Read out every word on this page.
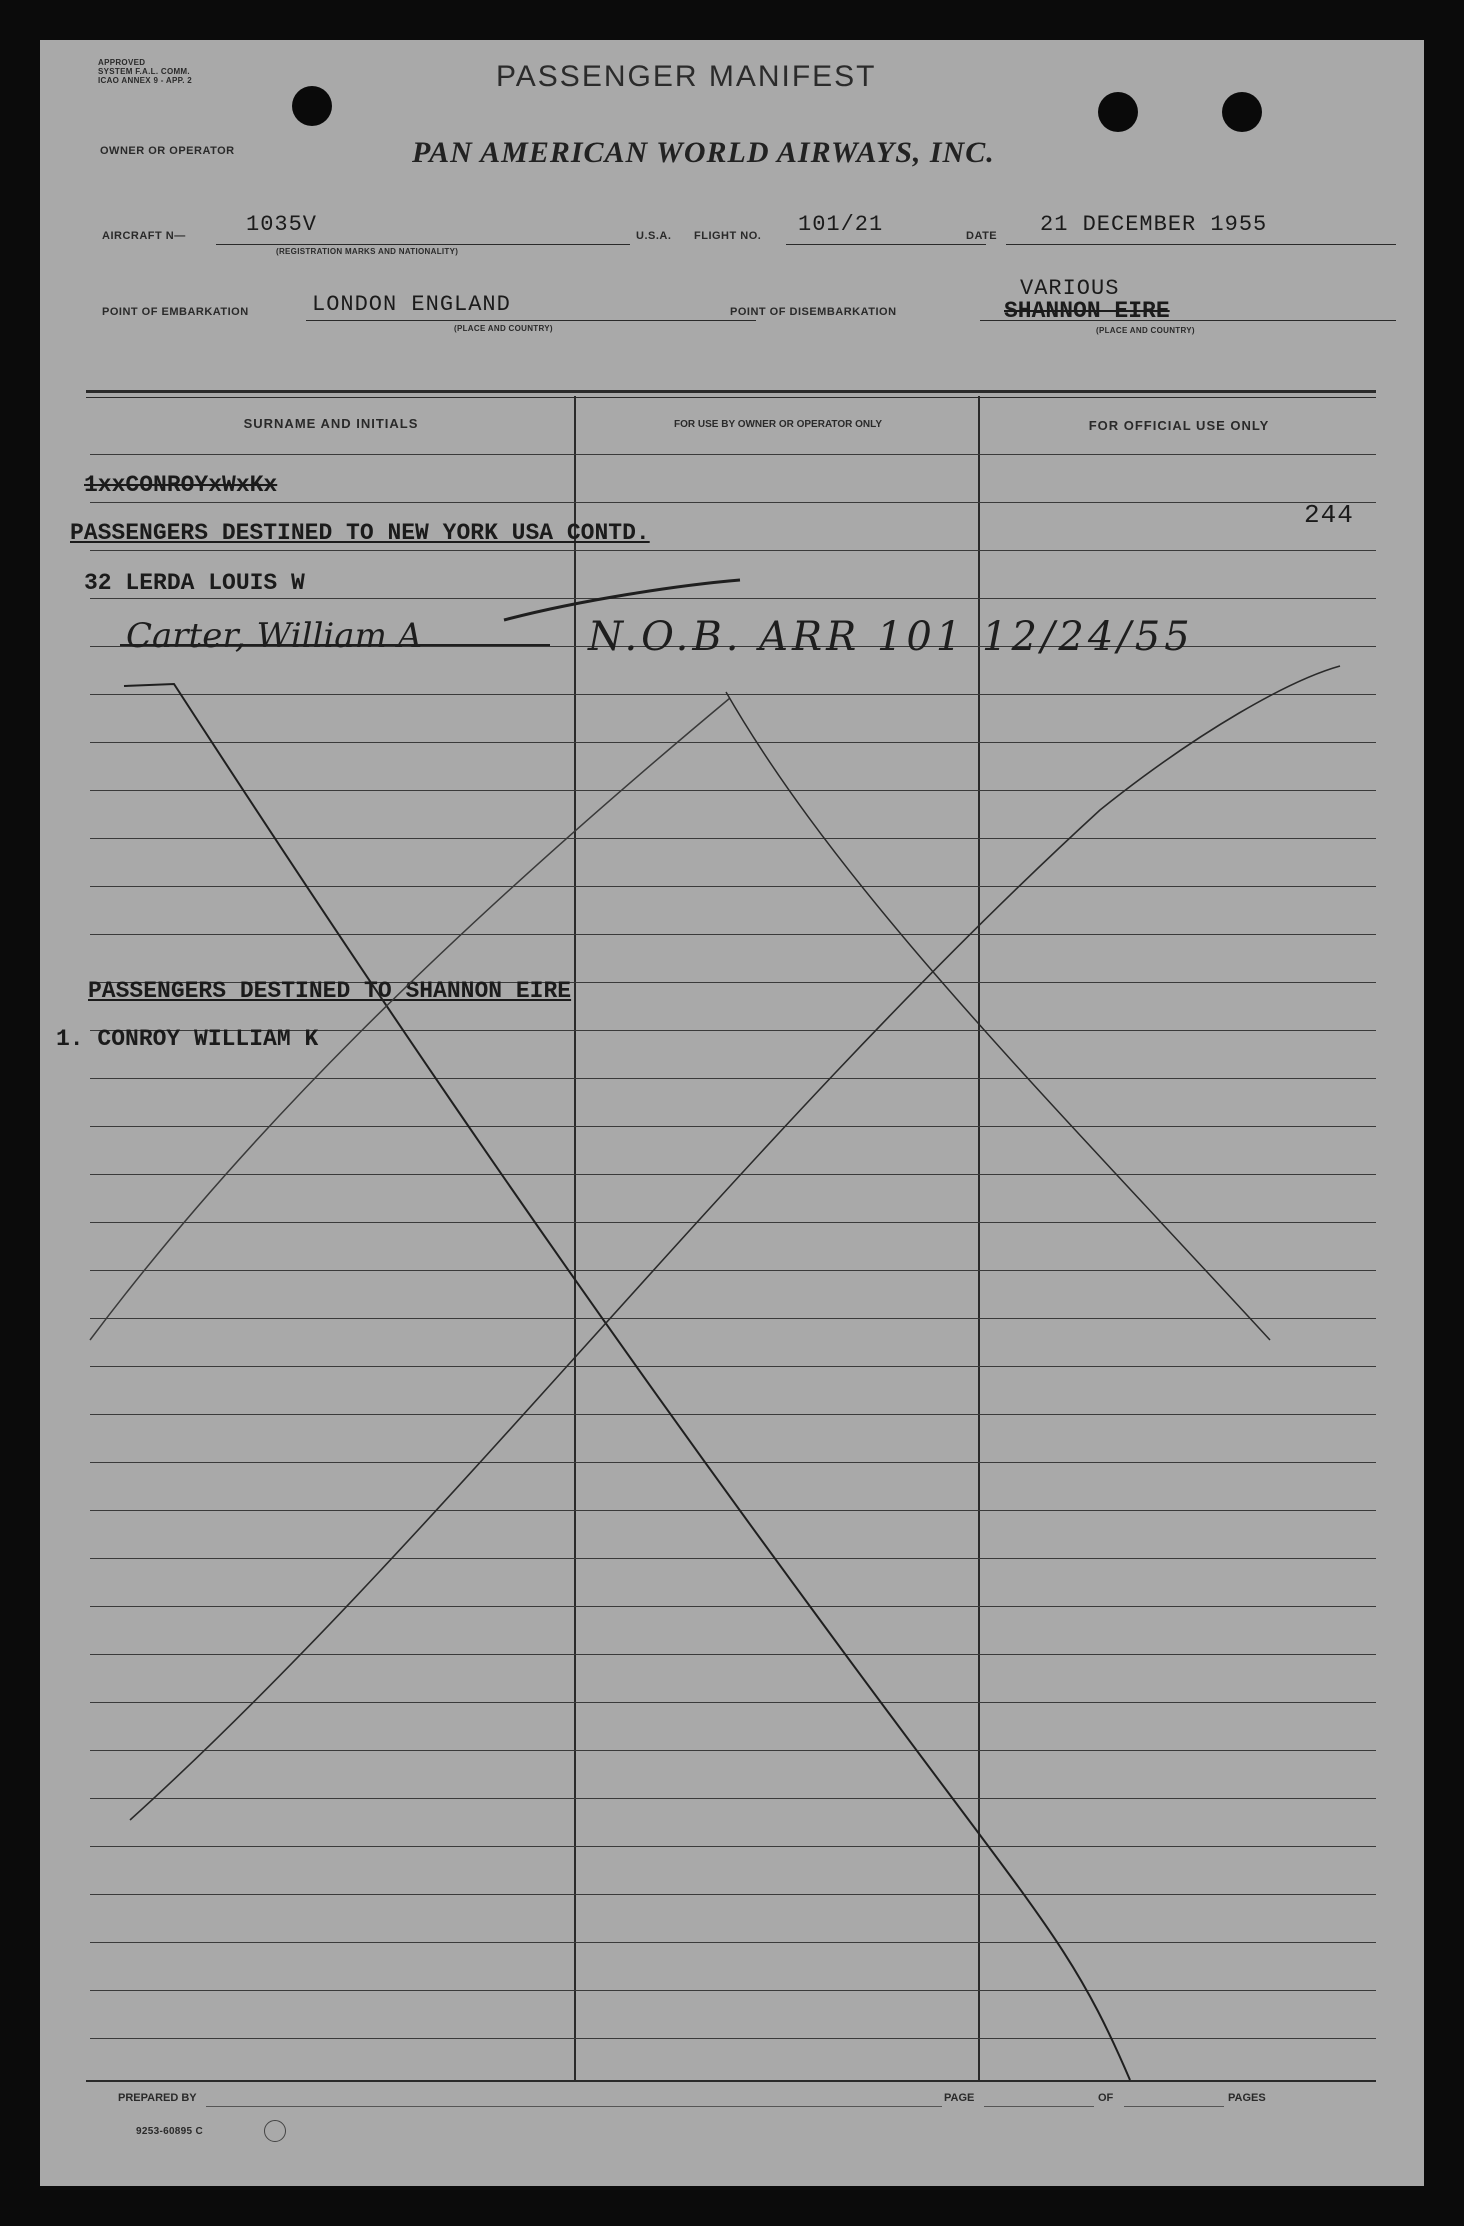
APPROVED
SYSTEM F.A.L. COMM.
ICAO ANNEX 9 - APP. 2	PASSENGER MANIFEST
OWNER OR OPERATOR	PAN AMERICAN WORLD AIRWAYS, INC.
AIRCRAFT N—	1035V
(REGISTRATION MARKS AND NATIONALITY)
U.S.A. FLIGHT NO. 101/21	DATE 21 DECEMBER 1955
POINT OF EMBARKATION	LONDON ENGLAND
(PLACE AND COUNTRY)
POINT OF DISEMBARKATION
VARIOUS
SHANNON EIRE
(PLACE AND COUNTRY)
SURNAME AND INITIALS	FOR USE BY OWNER OR OPERATOR ONLY	FOR OFFICIAL USE ONLY
1xxCONROYxWxKx
244
PASSENGERS DESTINED TO NEW YORK USA CONTD.
32 LERDA LOUIS W
Carter, William A	N.O.B. ARR 101 12/24/55
PASSENGERS DESTINED TO SHANNON EIRE
1. CONROY WILLIAM K
PREPARED BY	PAGE	OF	PAGES
9253-60895 C
